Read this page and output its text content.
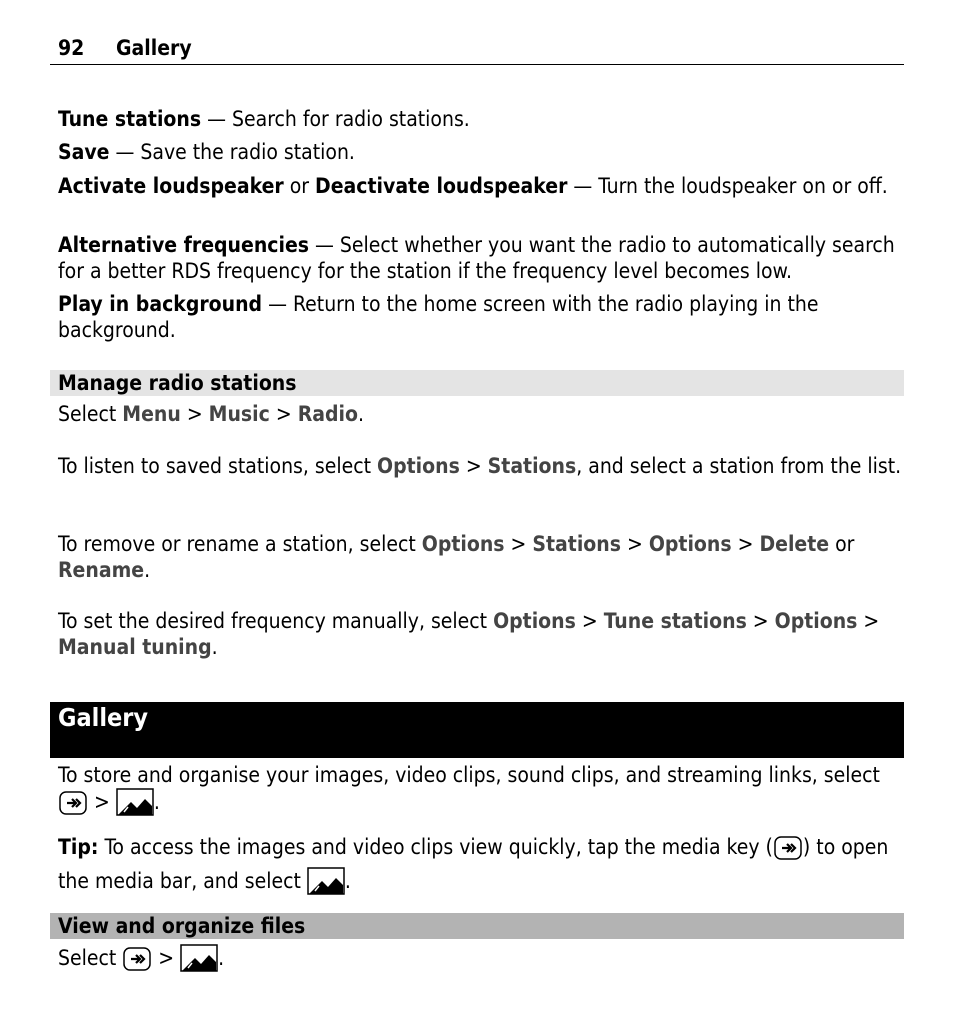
92 Gallery
Tune stations — Search for radio stations.
Save — Save the radio station.
Activate loudspeaker or Deactivate loudspeaker — Turn the loudspeaker on or off.
Alternative frequencies — Select whether you want the radio to automatically search for a better RDS frequency for the station if the frequency level becomes low.
Play in background — Return to the home screen with the radio playing in the background.
Manage radio stations
Select Menu > Music > Radio.
To listen to saved stations, select Options > Stations, and select a station from the list.
To remove or rename a station, select Options > Stations > Options > Delete or Rename.
To set the desired frequency manually, select Options > Tune stations > Options > Manual tuning.
Gallery
To store and organise your images, video clips, sound clips, and streaming links, select  > .
Tip: To access the images and video clips view quickly, tap the media key ( ) to open the media bar, and select .
View and organize files
Select  > .
